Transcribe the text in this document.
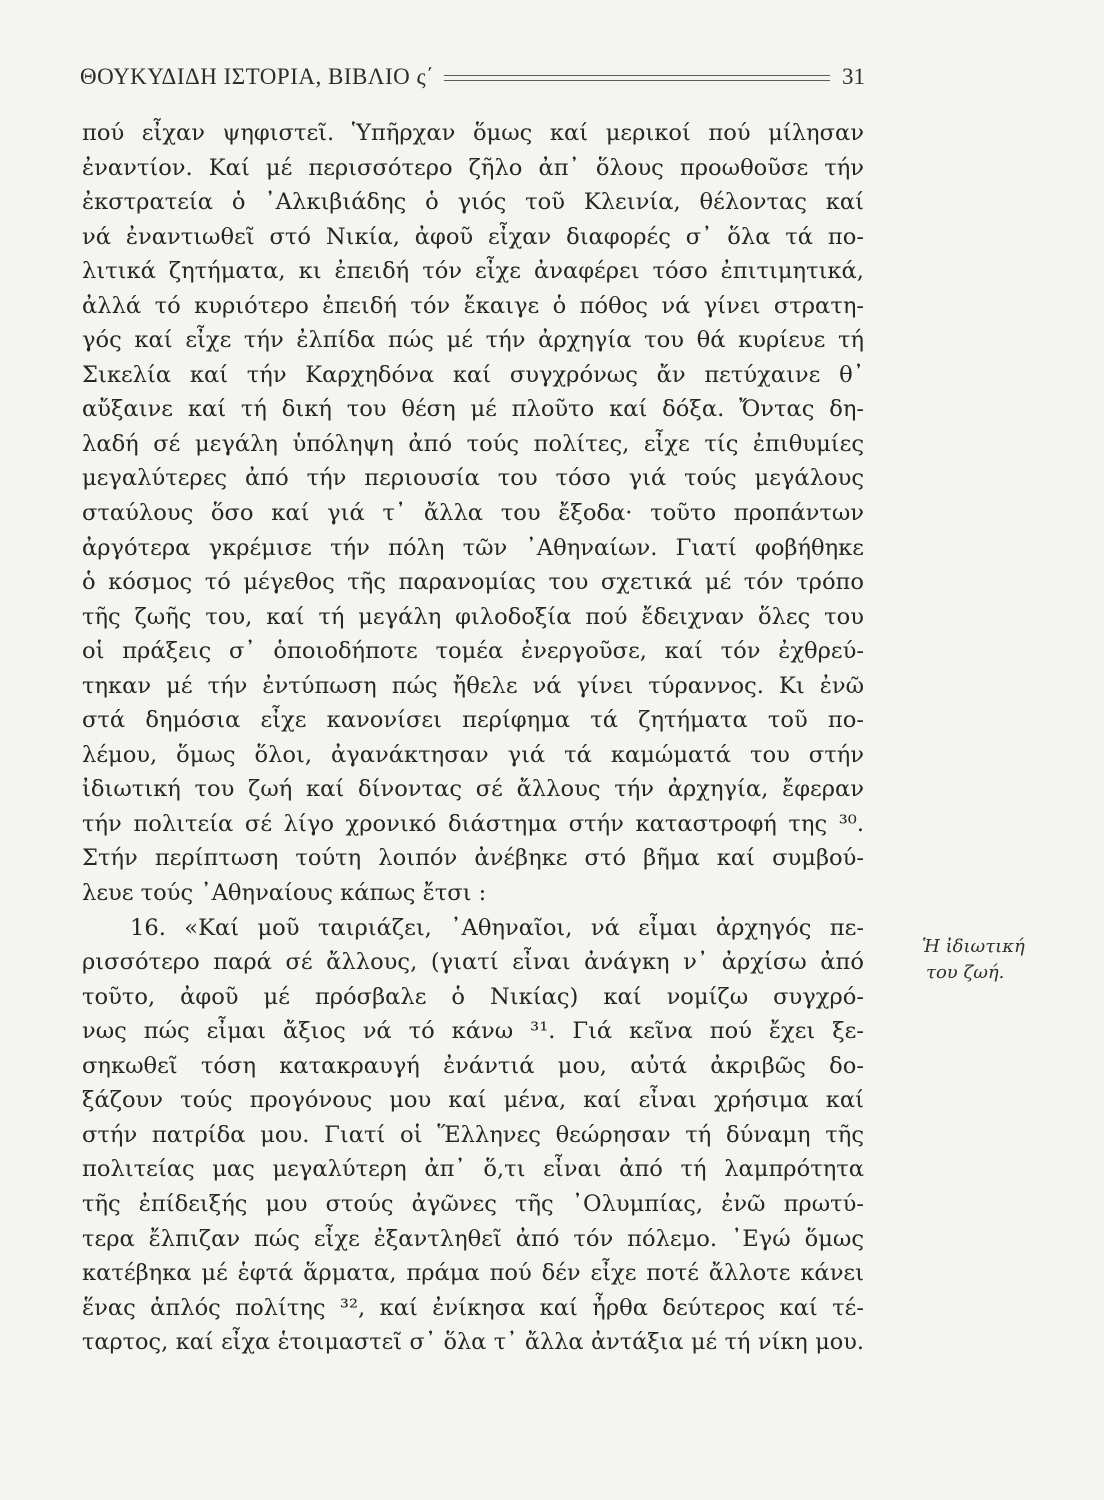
ΘΟΥΚΥΔΙΔΗ ΙΣΤΟΡΙΑ, ΒΙΒΛΙΟ ς΄	31
πού εἶχαν ψηφιστεῖ. Ὑπῆρχαν ὅμως καί μερικοί πού μίλησαν
ἐναντίον. Καί μέ περισσότερο ζῆλο ἀπ᾽ ὅλους προωθοῦσε τήν
ἐκστρατεία ὁ ᾽Αλκιβιάδης ὁ γιός τοῦ Κλεινία, θέλοντας καί
νά ἐναντιωθεῖ στό Νικία, ἀφοῦ εἶχαν διαφορές σ᾽ ὅλα τά πο-
λιτικά ζητήματα, κι ἐπειδή τόν εἶχε ἀναφέρει τόσο ἐπιτιμητικά,
ἀλλά τό κυριότερο ἐπειδή τόν ἔκαιγε ὁ πόθος νά γίνει στρατη-
γός καί εἶχε τήν ἐλπίδα πώς μέ τήν ἀρχηγία του θά κυρίευε τή
Σικελία καί τήν Καρχηδόνα καί συγχρόνως ἄν πετύχαινε θ᾽
αὔξαινε καί τή δική του θέση μέ πλοῦτο καί δόξα. Ὄντας δη-
λαδή σέ μεγάλη ὑπόληψη ἀπό τούς πολίτες, εἶχε τίς ἐπιθυμίες
μεγαλύτερες ἀπό τήν περιουσία του τόσο γιά τούς μεγάλους
σταύλους ὅσο καί γιά τ᾽ ἄλλα του ἔξοδα· τοῦτο προπάντων
ἀργότερα γκρέμισε τήν πόλη τῶν ᾽Αθηναίων. Γιατί φοβήθηκε
ὁ κόσμος τό μέγεθος τῆς παρανομίας του σχετικά μέ τόν τρόπο
τῆς ζωῆς του, καί τή μεγάλη φιλοδοξία πού ἔδειχναν ὅλες του
οἱ πράξεις σ᾽ ὁποιοδήποτε τομέα ἐνεργοῦσε, καί τόν ἐχθρεύ-
τηκαν μέ τήν ἐντύπωση πώς ἤθελε νά γίνει τύραννος. Κι ἐνῶ
στά δημόσια εἶχε κανονίσει περίφημα τά ζητήματα τοῦ πο-
λέμου, ὅμως ὅλοι, ἀγανάκτησαν γιά τά καμώματά του στήν
ἰδιωτική του ζωή καί δίνοντας σέ ἄλλους τήν ἀρχηγία, ἔφεραν
τήν πολιτεία σέ λίγο χρονικό διάστημα στήν καταστροφή της ³⁰.
Στήν περίπτωση τούτη λοιπόν ἀνέβηκε στό βῆμα καί συμβού-
λευε τούς ᾽Αθηναίους κάπως ἔτσι :
16. «Καί μοῦ ταιριάζει, ᾽Αθηναῖοι, νά εἶμαι ἀρχηγός πε-
ρισσότερο παρά σέ ἄλλους, (γιατί εἶναι ἀνάγκη ν᾽ ἀρχίσω ἀπό
τοῦτο, ἀφοῦ μέ πρόσβαλε ὁ Νικίας) καί νομίζω συγχρό-
νως πώς εἶμαι ἄξιος νά τό κάνω ³¹. Γιά κεῖνα πού ἔχει ξε-
σηκωθεῖ τόση κατακραυγή ἐνάντιά μου, αὐτά ἀκριβῶς δο-
ξάζουν τούς προγόνους μου καί μένα, καί εἶναι χρήσιμα καί
στήν πατρίδα μου. Γιατί οἱ Ἕλληνες θεώρησαν τή δύναμη τῆς
πολιτείας μας μεγαλύτερη ἀπ᾽ ὅ,τι εἶναι ἀπό τή λαμπρότητα
τῆς ἐπίδειξής μου στούς ἀγῶνες τῆς ᾽Ολυμπίας, ἐνῶ πρωτύ-
τερα ἔλπιζαν πώς εἶχε ἐξαντληθεῖ ἀπό τόν πόλεμο. ᾽Εγώ ὅμως
κατέβηκα μέ ἑφτά ἅρματα, πράμα πού δέν εἶχε ποτέ ἄλλοτε κάνει
ἕνας ἁπλός πολίτης ³², καί ἐνίκησα καί ἦρθα δεύτερος καί τέ-
ταρτος, καί εἶχα ἑτοιμαστεῖ σ᾽ ὅλα τ᾽ ἄλλα ἀντάξια μέ τή νίκη μου.
Ἡ ἰδιωτική
του ζωή.
